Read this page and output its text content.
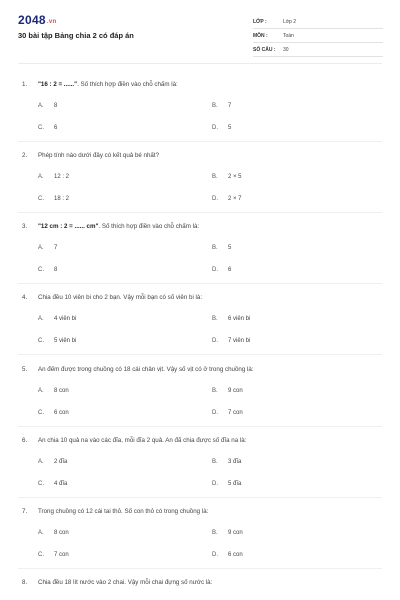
2048.vn
30 bài tập Bảng chia 2 có đáp án
LỚP :	Lớp 2
MÔN :	Toán
SỐ CÂU : 30
1. "16 : 2 = ......". Số thích hợp điền vào chỗ chấm là:
A. 8	B. 7
C. 6	D. 5
2. Phép tính nào dưới đây có kết quả bé nhất?
A. 12 : 2	B. 2 × 5
C. 18 : 2	D. 2 × 7
3. "12 cm : 2 = ...... cm". Số thích hợp điền vào chỗ chấm là:
A. 7	B. 5
C. 8	D. 6
4. Chia đều 10 viên bi cho 2 bạn. Vậy mỗi bạn có số viên bi là:
A. 4 viên bi	B. 6 viên bi
C. 5 viên bi	D. 7 viên bi
5. An đếm được trong chuồng có 18 cái chân vịt. Vậy số vịt có ở trong chuồng là:
A. 8 con	B. 9 con
C. 6 con	D. 7 con
6. An chia 10 quả na vào các đĩa, mỗi đĩa 2 quả. An đã chia được số đĩa na là:
A. 2 đĩa	B. 3 đĩa
C. 4 đĩa	D. 5 đĩa
7. Trong chuồng có 12 cái tai thỏ. Số con thỏ có trong chuồng là:
A. 8 con	B. 9 con
C. 7 con	D. 6 con
8. Chia đều 18 lít nước vào 2 chai. Vậy mỗi chai đựng số nước là:
